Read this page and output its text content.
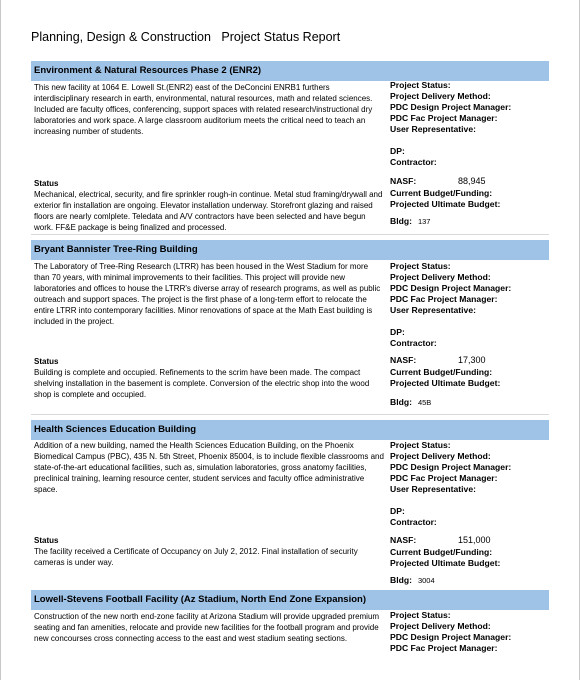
Planning, Design & Construction   Project Status Report
Environment & Natural Resources Phase 2 (ENR2)
This new facility at 1064 E. Lowell St.(ENR2) east of the DeConcini ENRB1 furthers interdisciplinary research in earth, environmental, natural resources, math and related sciences. Included are faculty offices, conferencing, support spaces with related research/instructional dry laboratories and work space. A large classroom auditorium meets the critical need to teach an increasing number of students.
Project Status:
Project Delivery Method:
PDC Design Project Manager:
PDC Fac Project Manager:
User Representative:
DP:
Contractor:
Status
Mechanical, electrical, security, and fire sprinkler rough-in continue. Metal stud framing/drywall and exterior fin installation are ongoing. Elevator installation underway. Storefront glazing and raised floors are nearly comlplete. Teledata and A/V contractors have been selected and have begun work. FF&E package is being finalized and processed.
NASF:	88,945
Current Budget/Funding:
Projected Ultimate Budget:
Bldg: 137
Bryant Bannister Tree-Ring Building
The Laboratory of Tree-Ring Research (LTRR) has been housed in the West Stadium for more than 70 years, with minimal improvements to their facilities. This project will provide new laboratories and offices to house the LTRR's diverse array of research programs, as well as public outreach and support spaces. The project is the first phase of a long-term effort to relocate the entire LTRR into contemporary facilities. Minor renovations of space at the Math East building is included in the project.
Project Status:
Project Delivery Method:
PDC Design Project Manager:
PDC Fac Project Manager:
User Representative:
DP:
Contractor:
Status
Building is complete and occupied. Refinements to the scrim have been made. The compact shelving installation in the basement is complete. Conversion of the electric shop into the wood shop is complete and occupied.
NASF:	17,300
Current Budget/Funding:
Projected Ultimate Budget:
Bldg: 45B
Health Sciences Education Building
Addition of a new building, named the Health Sciences Education Building, on the Phoenix Biomedical Campus (PBC), 435 N. 5th Street, Phoenix 85004, is to include flexible classrooms and state-of-the-art educational facilities, such as, simulation laboratories, gross anatomy facilities, preclinical training, learning resource center, student services and faculty office administrative space.
Project Status:
Project Delivery Method:
PDC Design Project Manager:
PDC Fac Project Manager:
User Representative:
DP:
Contractor:
Status
The facility received a Certificate of Occupancy on July 2, 2012. Final installation of security cameras is under way.
NASF:	151,000
Current Budget/Funding:
Projected Ultimate Budget:
Bldg: 3004
Lowell-Stevens Football Facility (Az Stadium, North End Zone Expansion)
Construction of the new north end-zone facility at Arizona Stadium will provide upgraded premium seating and fan amenities, relocate and provide new facilities for the football program and provide new concourses cross connecting access to the east and west stadium seating sections.
Project Status:
Project Delivery Method:
PDC Design Project Manager:
PDC Fac Project Manager:
